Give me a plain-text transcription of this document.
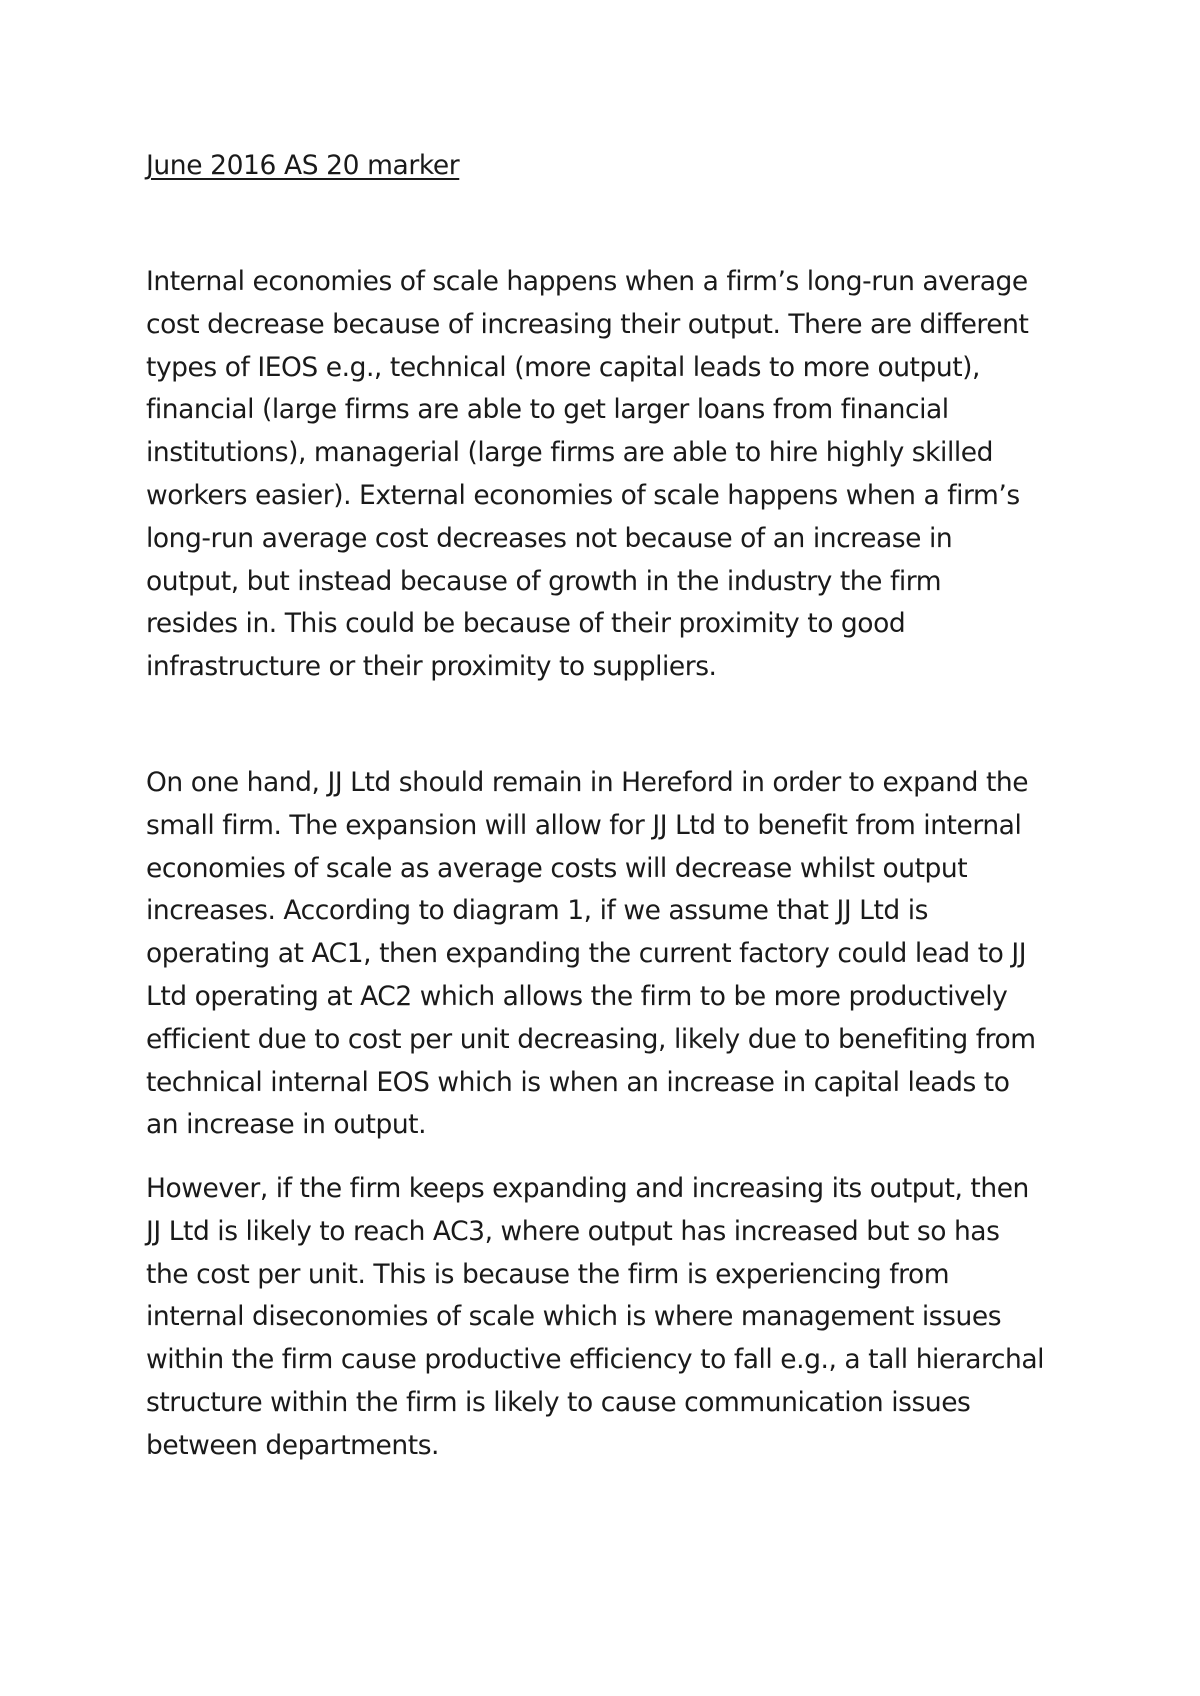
June 2016 AS 20 marker
Internal economies of scale happens when a firm’s long-run average
cost decrease because of increasing their output. There are different
types of IEOS e.g., technical (more capital leads to more output),
financial (large firms are able to get larger loans from financial
institutions), managerial (large firms are able to hire highly skilled
workers easier). External economies of scale happens when a firm’s
long-run average cost decreases not because of an increase in
output, but instead because of growth in the industry the firm
resides in. This could be because of their proximity to good
infrastructure or their proximity to suppliers.
On one hand, JJ Ltd should remain in Hereford in order to expand the
small firm. The expansion will allow for JJ Ltd to benefit from internal
economies of scale as average costs will decrease whilst output
increases. According to diagram 1, if we assume that JJ Ltd is
operating at AC1, then expanding the current factory could lead to JJ
Ltd operating at AC2 which allows the firm to be more productively
efficient due to cost per unit decreasing, likely due to benefiting from
technical internal EOS which is when an increase in capital leads to
an increase in output.
However, if the firm keeps expanding and increasing its output, then
JJ Ltd is likely to reach AC3, where output has increased but so has
the cost per unit. This is because the firm is experiencing from
internal diseconomies of scale which is where management issues
within the firm cause productive efficiency to fall e.g., a tall hierarchal
structure within the firm is likely to cause communication issues
between departments.
